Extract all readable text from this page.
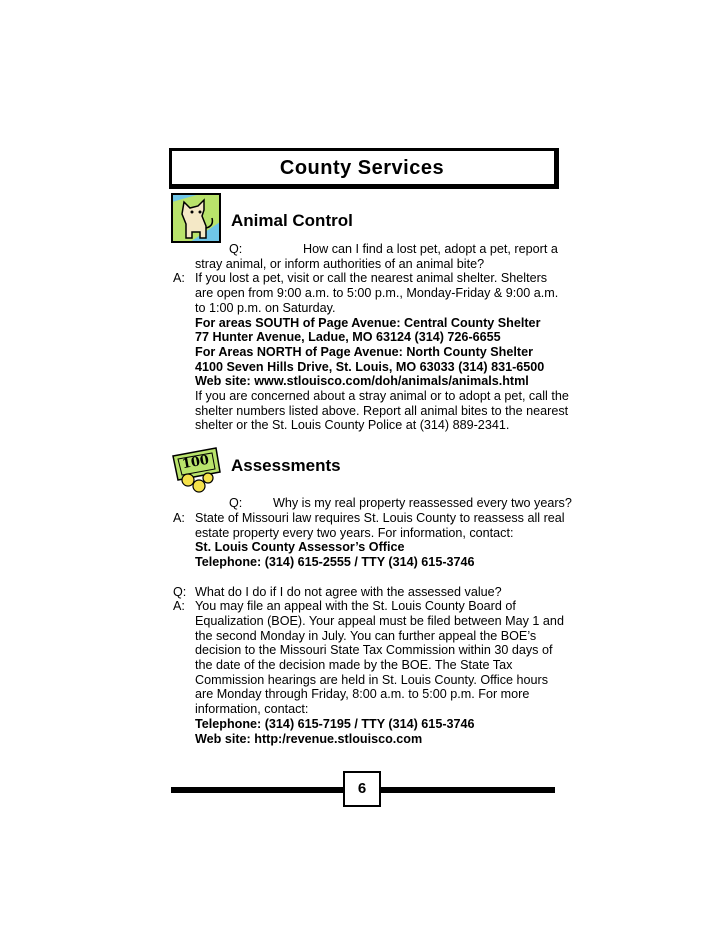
County Services
Animal Control
Q:	How can I find a lost pet, adopt a pet, report a
stray animal, or inform authorities of an animal bite?
A: If you lost a pet, visit or call the nearest animal shelter. Shelters
are open from 9:00 a.m. to 5:00 p.m., Monday-Friday & 9:00 a.m.
to 1:00 p.m. on Saturday.
For areas SOUTH of Page Avenue: Central County Shelter
77 Hunter Avenue, Ladue, MO 63124 (314) 726-6655
For Areas NORTH of Page Avenue: North County Shelter
4100 Seven Hills Drive, St. Louis, MO 63033 (314) 831-6500
Web site: www.stlouisco.com/doh/animals/animals.html
If you are concerned about a stray animal or to adopt a pet, call the
shelter numbers listed above. Report all animal bites to the nearest
shelter or the St. Louis County Police at (314) 889-2341.
100 Assessments
Q: Why is my real property reassessed every two years?
A: State of Missouri law requires St. Louis County to reassess all real
estate property every two years. For information, contact:
St. Louis County Assessor’s Office
Telephone: (314) 615-2555 / TTY (314) 615-3746
Q: What do I do if I do not agree with the assessed value?
A: You may file an appeal with the St. Louis County Board of
Equalization (BOE). Your appeal must be filed between May 1 and
the second Monday in July. You can further appeal the BOE’s
decision to the Missouri State Tax Commission within 30 days of
the date of the decision made by the BOE. The State Tax
Commission hearings are held in St. Louis County. Office hours
are Monday through Friday, 8:00 a.m. to 5:00 p.m. For more
information, contact:
Telephone: (314) 615-7195 / TTY (314) 615-3746
Web site: http:/revenue.stlouisco.com
6
